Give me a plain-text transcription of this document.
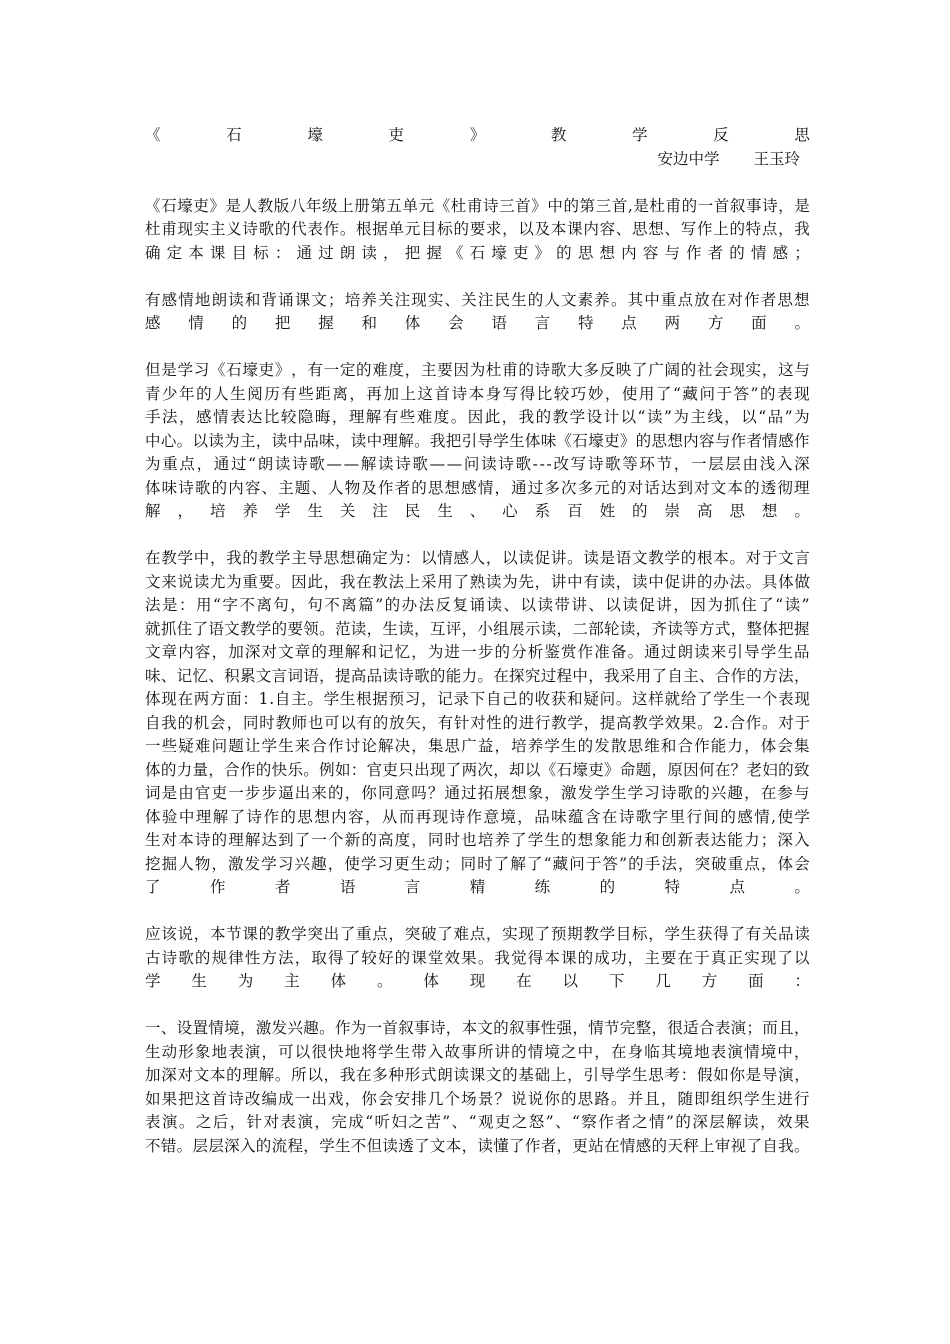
《	石	壕	吏	》	教	学	反	思
安边中学 王玉玲
《 石 壕 吏 》 是 人 教 版 八 年 级 上 册 第 五 单 元 《 杜 甫 诗 三 首 》 中 的 第 三 首 , 是 杜 甫 的 一 首 叙 事 诗 ， 是
杜 甫 现 实 主 义 诗 歌 的 代 表 作 。 根 据 单 元 目 标 的 要 求 ， 以 及 本 课 内 容 、 思 想 、 写 作 上 的 特 点 ， 我
确 定 本 课 目 标 ： 通 过 朗 读 ， 把 握 《 石 壕 吏 》 的 思 想 内 容 与 作 者 的 情 感 ；
有 感 情 地 朗 读 和 背 诵 课 文 ； 培 养 关 注 现 实 、 关 注 民 生 的 人 文 素 养 。 其 中 重 点 放 在 对 作 者 思 想
感 情 的 把 握 和 体 会 语 言 特 点 两 方 面 。
但 是 学 习 《 石 壕 吏 》 ， 有 一 定 的 难 度 ， 主 要 因 为 杜 甫 的 诗 歌 大 多 反 映 了 广 阔 的 社 会 现 实 ， 这 与
青 少 年 的 人 生 阅 历 有 些 距 离 ， 再 加 上 这 首 诗 本 身 写 得 比 较 巧 妙 ， 使 用 了 “ 藏 问 于 答 ” 的 表 现
手 法 ， 感 情 表 达 比 较 隐 晦 ， 理 解 有 些 难 度 。 因 此 ， 我 的 教 学 设 计 以 “ 读 ” 为 主 线 ， 以 “ 品 ” 为
中 心 。 以 读 为 主 ， 读 中 品 味 ， 读 中 理 解 。 我 把 引 导 学 生 体 味 《 石 壕 吏 》 的 思 想 内 容 与 作 者 情 感 作
为 重 点 ， 通 过 “ 朗 读 诗 歌 — — 解 读 诗 歌 — — 问 读 诗 歌 - - - 改 写 诗 歌 等 环 节 ， 一 层 层 由 浅 入 深
体 味 诗 歌 的 内 容 、 主 题 、 人 物 及 作 者 的 思 想 感 情 ， 通 过 多 次 多 元 的 对 话 达 到 对 文 本 的 透 彻 理
解 ， 培 养 学 生 关 注 民 生 、 心 系 百 姓 的 崇 高 思 想 。
在 教 学 中 ， 我 的 教 学 主 导 思 想 确 定 为 ： 以 情 感 人 ， 以 读 促 讲 。 读 是 语 文 教 学 的 根 本 。 对 于 文 言
文 来 说 读 尤 为 重 要 。 因 此 ， 我 在 教 法 上 采 用 了 熟 读 为 先 ， 讲 中 有 读 ， 读 中 促 讲 的 办 法 。 具 体 做
法 是 ： 用 “ 字 不 离 句 ， 句 不 离 篇 ” 的 办 法 反 复 诵 读 、 以 读 带 讲 、 以 读 促 讲 ， 因 为 抓 住 了 “ 读 ”
就 抓 住 了 语 文 教 学 的 要 领 。 范 读 ， 生 读 ， 互 评 ， 小 组 展 示 读 ， 二 部 轮 读 ， 齐 读 等 方 式 ， 整 体 把 握
文 章 内 容 ， 加 深 对 文 章 的 理 解 和 记 忆 ， 为 进 一 步 的 分 析 鉴 赏 作 准 备 。 通 过 朗 读 来 引 导 学 生 品
味 、 记 忆 、 积 累 文 言 词 语 ， 提 高 品 读 诗 歌 的 能 力 。 在 探 究 过 程 中 ， 我 采 用 了 自 主 、 合 作 的 方 法 ，
体 现 在 两 方 面 ： 1 . 自 主 。 学 生 根 据 预 习 ， 记 录 下 自 己 的 收 获 和 疑 问 。 这 样 就 给 了 学 生 一 个 表 现
自 我 的 机 会 ， 同 时 教 师 也 可 以 有 的 放 矢 ， 有 针 对 性 的 进 行 教 学 ， 提 高 教 学 效 果 。 2 . 合 作 。 对 于
一 些 疑 难 问 题 让 学 生 来 合 作 讨 论 解 决 ， 集 思 广 益 ， 培 养 学 生 的 发 散 思 维 和 合 作 能 力 ， 体 会 集
体 的 力 量 ， 合 作 的 快 乐 。 例 如 ： 官 吏 只 出 现 了 两 次 ， 却 以 《 石 壕 吏 》 命 题 ， 原 因 何 在 ？ 老 妇 的 致
词 是 由 官 吏 一 步 步 逼 出 来 的 ， 你 同 意 吗 ？ 通 过 拓 展 想 象 ， 激 发 学 生 学 习 诗 歌 的 兴 趣 ， 在 参 与
体 验 中 理 解 了 诗 作 的 思 想 内 容 ， 从 而 再 现 诗 作 意 境 ， 品 味 蕴 含 在 诗 歌 字 里 行 间 的 感 情 , 使 学
生 对 本 诗 的 理 解 达 到 了 一 个 新 的 高 度 ， 同 时 也 培 养 了 学 生 的 想 象 能 力 和 创 新 表 达 能 力 ； 深 入
挖 掘 人 物 ， 激 发 学 习 兴 趣 ， 使 学 习 更 生 动 ； 同 时 了 解 了 “ 藏 问 于 答 ” 的 手 法 ， 突 破 重 点 ， 体 会
了	作	者	语	言	精	练	的	特	点	。
应 该 说 ， 本 节 课 的 教 学 突 出 了 重 点 ， 突 破 了 难 点 ， 实 现 了 预 期 教 学 目 标 ， 学 生 获 得 了 有 关 品 读
古 诗 歌 的 规 律 性 方 法 ， 取 得 了 较 好 的 课 堂 效 果 。 我 觉 得 本 课 的 成 功 ， 主 要 在 于 真 正 实 现 了 以
学 生 为 主 体 。 体 现 在 以 下 几 方 面 ：
一 、 设 置 情 境 ， 激 发 兴 趣 。 作 为 一 首 叙 事 诗 ， 本 文 的 叙 事 性 强 ， 情 节 完 整 ， 很 适 合 表 演 ； 而 且 ，
生 动 形 象 地 表 演 ， 可 以 很 快 地 将 学 生 带 入 故 事 所 讲 的 情 境 之 中 ， 在 身 临 其 境 地 表 演 情 境 中 ，
加 深 对 文 本 的 理 解 。 所 以 ， 我 在 多 种 形 式 朗 读 课 文 的 基 础 上 ， 引 导 学 生 思 考 ： 假 如 你 是 导 演 ，
如 果 把 这 首 诗 改 编 成 一 出 戏 ， 你 会 安 排 几 个 场 景 ？ 说 说 你 的 思 路 。 并 且 ， 随 即 组 织 学 生 进 行
表 演 。 之 后 ， 针 对 表 演 ， 完 成 “ 听 妇 之 苦 ” 、 “ 观 吏 之 怒 ” 、 “ 察 作 者 之 情 ” 的 深 层 解 读 ， 效 果
不 错 。 层 层 深 入 的 流 程 ， 学 生 不 但 读 透 了 文 本 ， 读 懂 了 作 者 ， 更 站 在 情 感 的 天 秤 上 审 视 了 自 我 。
